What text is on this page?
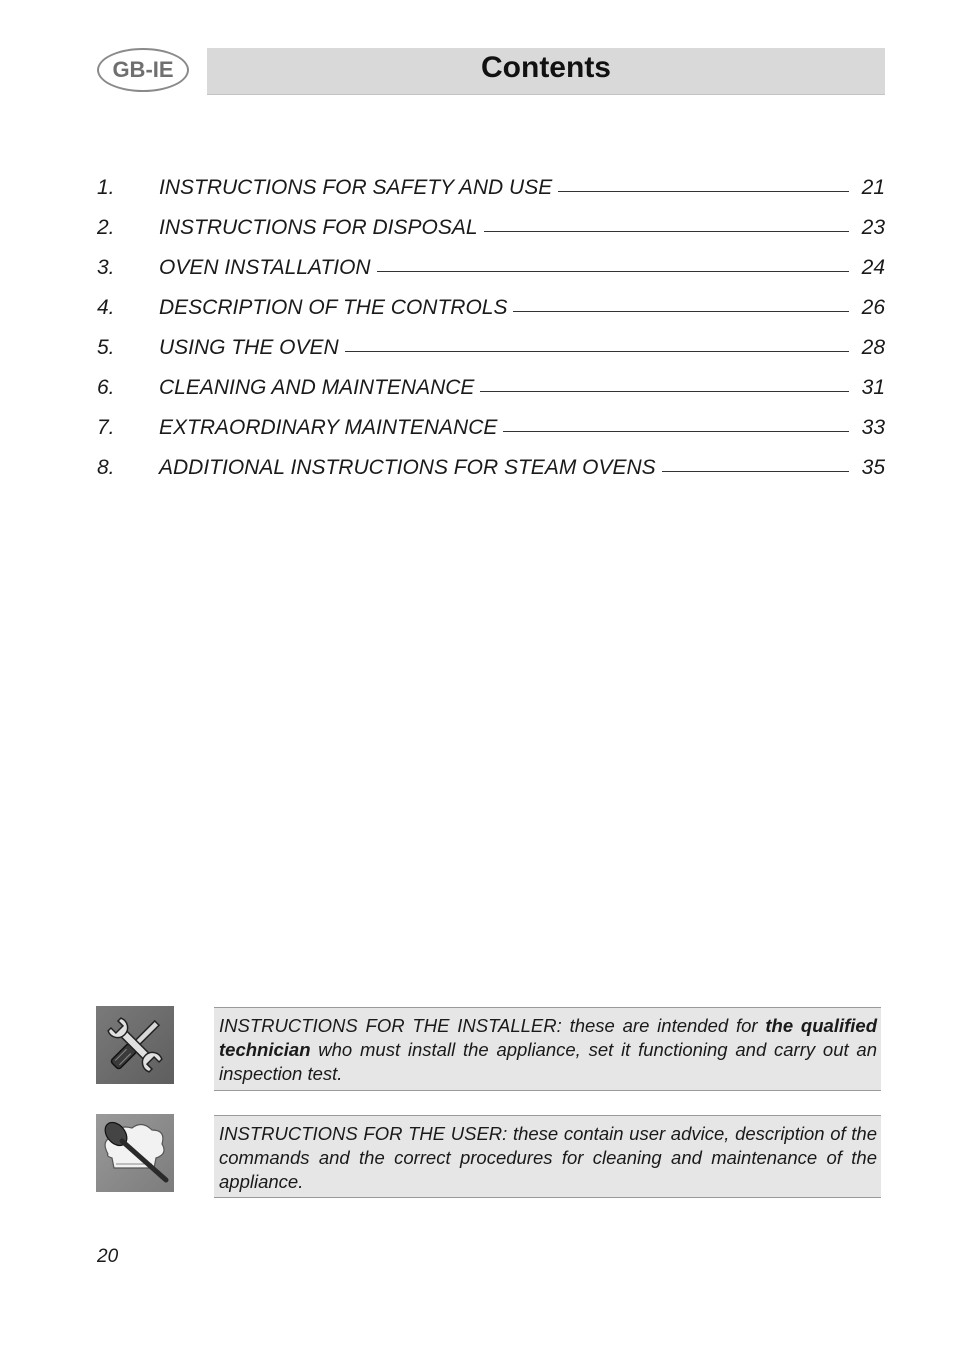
GB-IE	Contents
1.	INSTRUCTIONS FOR SAFETY AND USE	21
2.	INSTRUCTIONS FOR DISPOSAL	23
3.	OVEN INSTALLATION	24
4.	DESCRIPTION OF THE CONTROLS	26
5.	USING THE OVEN	28
6.	CLEANING AND MAINTENANCE	31
7.	EXTRAORDINARY MAINTENANCE	33
8.	ADDITIONAL INSTRUCTIONS FOR STEAM OVENS	35
INSTRUCTIONS FOR THE INSTALLER: these are intended for the qualified technician who must install the appliance, set it functioning and carry out an inspection test.
INSTRUCTIONS FOR THE USER: these contain user advice, description of the commands and the correct procedures for cleaning and maintenance of the appliance.
20
